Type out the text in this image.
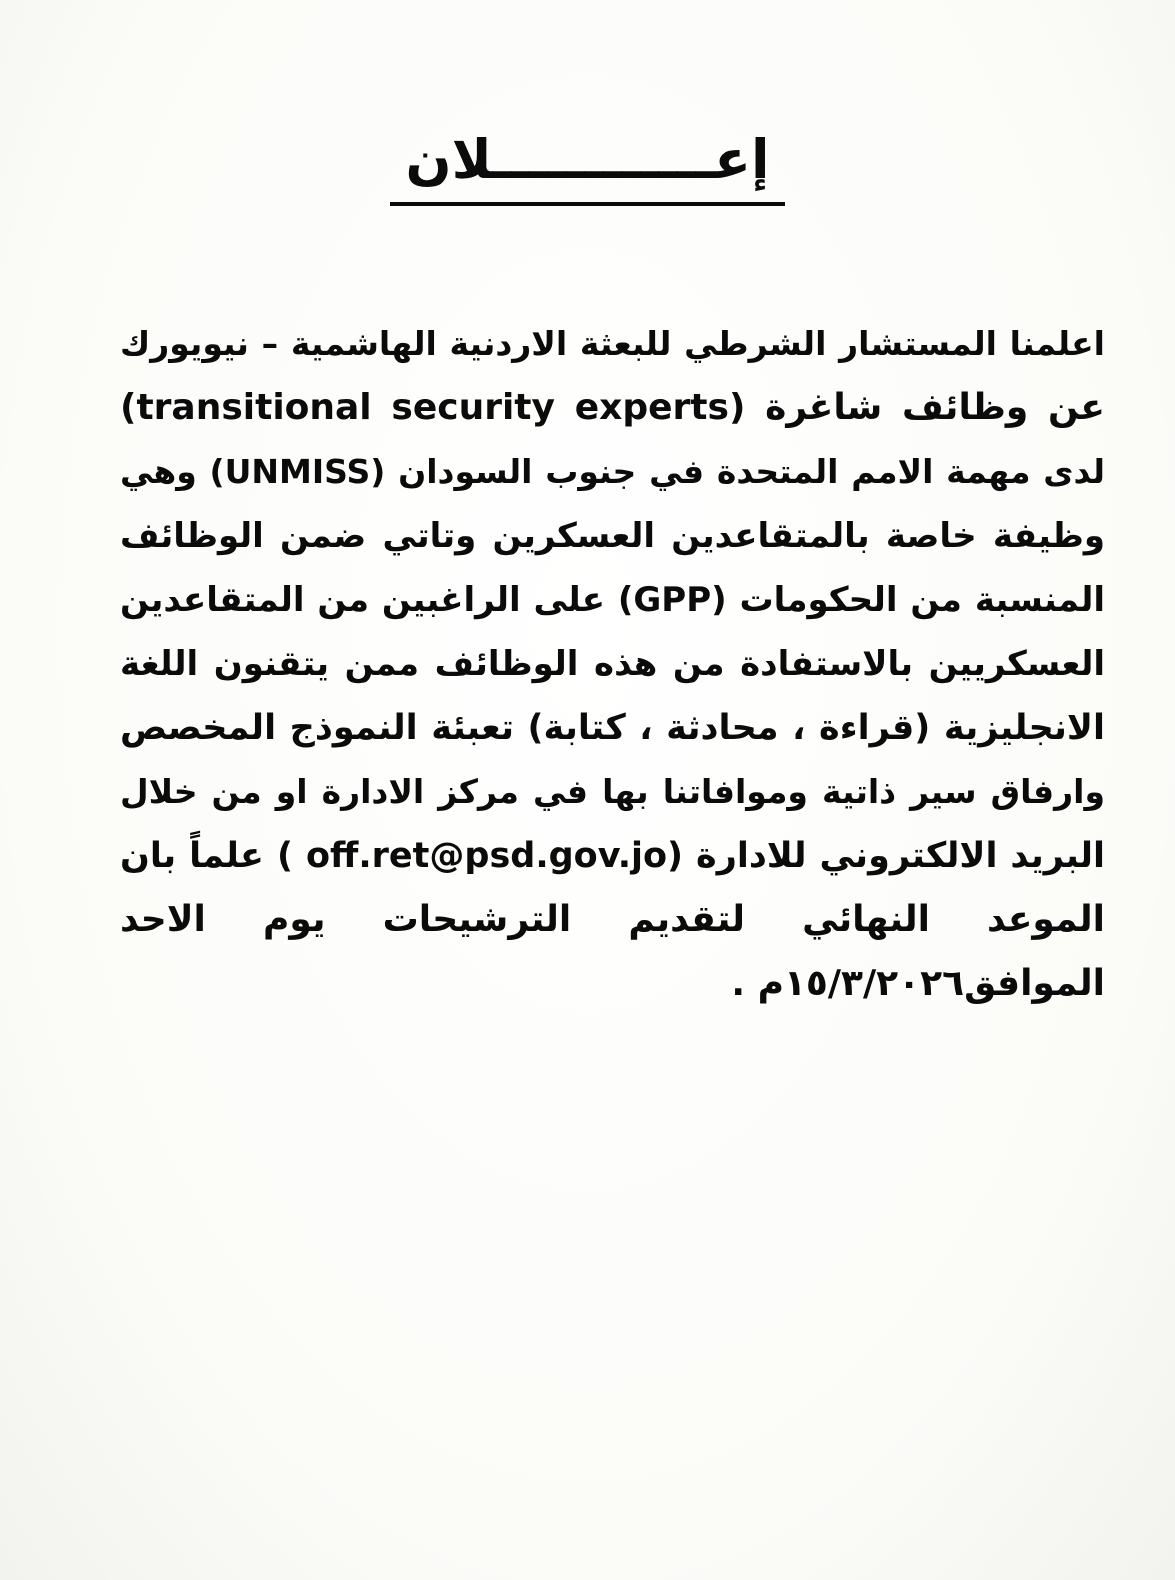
إعــــــــــــلان
اعلمنا المستشار الشرطي للبعثة الاردنية الهاشمية – نيويورك
عن وظائف شاغرة (transitional security experts)
لدى مهمة الامم المتحدة في جنوب السودان (UNMISS) وهي
وظيفة خاصة بالمتقاعدين العسكرين وتاتي ضمن الوظائف
المنسبة من الحكومات (GPP) على الراغبين من المتقاعدين
العسكريين بالاستفادة من هذه الوظائف ممن يتقنون اللغة
الانجليزية (قراءة ، محادثة ، كتابة) تعبئة النموذج المخصص
وارفاق سير ذاتية وموافاتنا بها في مركز الادارة او من خلال
البريد الالكتروني للادارة (off.ret@psd.gov.jo ) علماً بان
الموعد النهائي لتقديم الترشيحات يوم الاحد
الموافق١٥/٣/٢٠٢٦م .
